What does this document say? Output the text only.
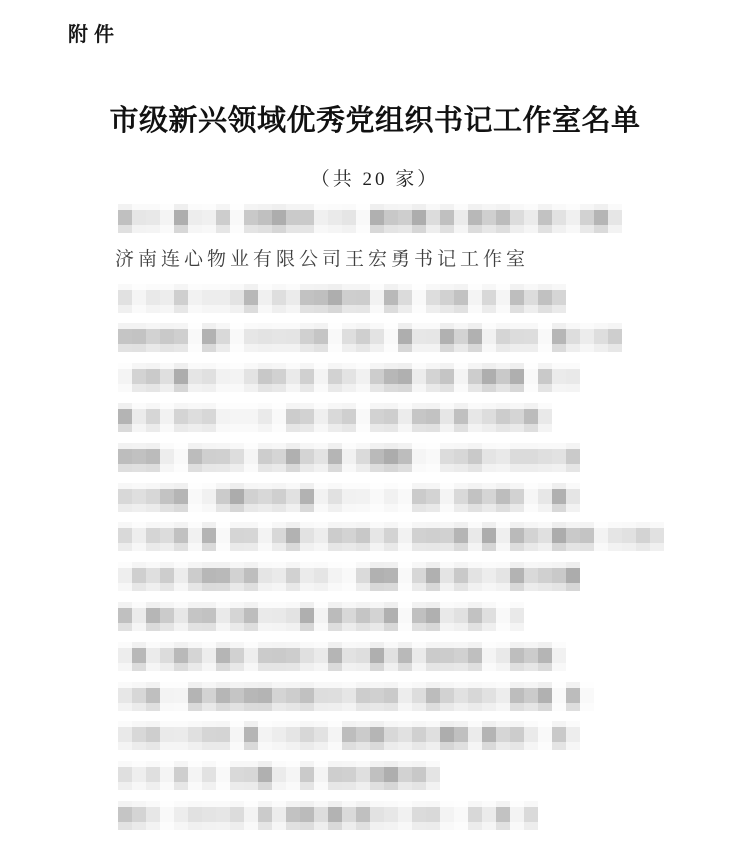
附件
市级新兴领域优秀党组织书记工作室名单
（共 20 家）
济南连心物业有限公司王宏勇书记工作室
